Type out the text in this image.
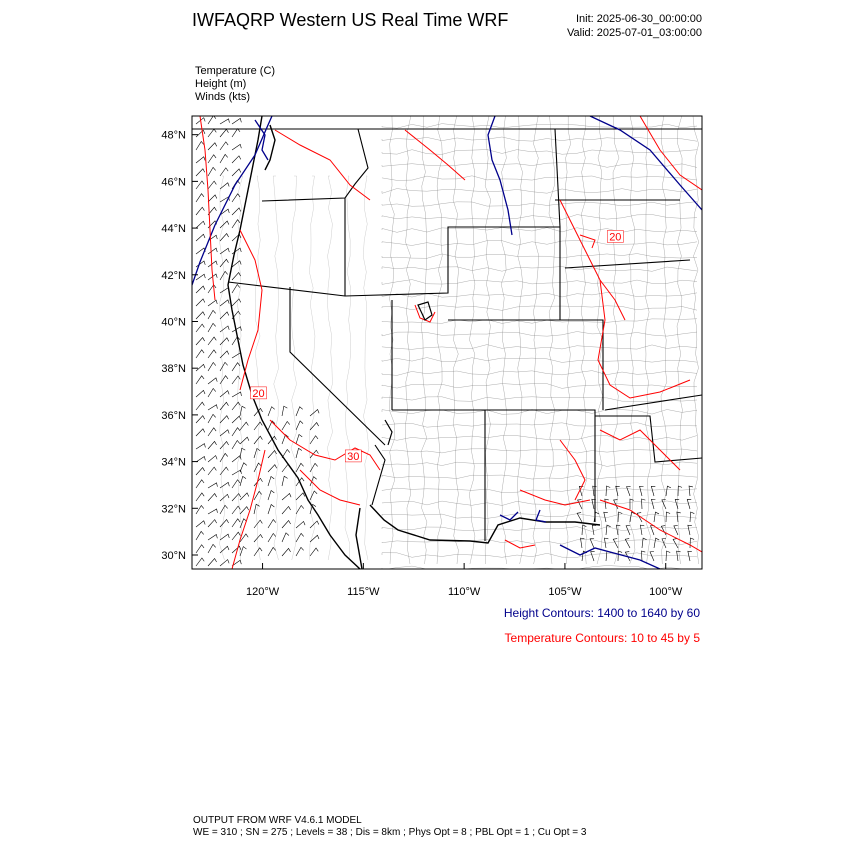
IWFAQRP Western US Real Time WRF	Init: 2025-06-30_00:00:00
Valid: 2025-07-01_03:00:00
Temperature (C)
Height (m)
Winds (kts)
48°N
46°N
44°N
42°N
40°N
38°N
36°N
34°N
32°N
30°N
120°W	115°W	110°W	105°W	100°W
20
20
30
Height Contours: 1400 to 1640 by 60
Temperature Contours: 10 to 45 by 5
OUTPUT FROM WRF V4.6.1 MODEL
WE = 310 ; SN = 275 ; Levels = 38 ; Dis = 8km ; Phys Opt = 8 ; PBL Opt = 1 ; Cu Opt = 3
